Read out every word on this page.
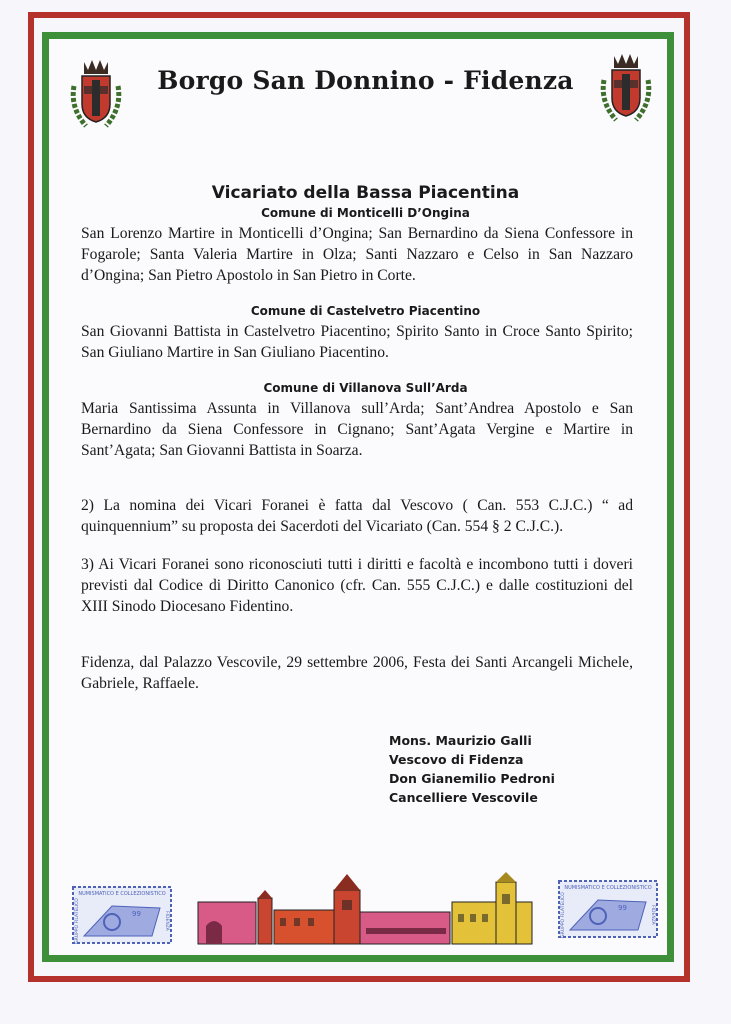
Borgo San Donnino - Fidenza
Vicariato della Bassa Piacentina
Comune di Monticelli D’Ongina
San Lorenzo Martire in Monticelli d’Ongina; San Bernardino da Siena Confessore in Fogarole; Santa Valeria Martire in Olza; Santi Nazzaro e Celso in San Nazzaro d’Ongina; San Pietro Apostolo in San Pietro in Corte.
Comune di Castelvetro Piacentino
San Giovanni Battista in Castelvetro Piacentino; Spirito Santo in Croce Santo Spirito; San Giuliano Martire in San Giuliano Piacentino.
Comune di Villanova Sull’Arda
Maria Santissima Assunta in Villanova sull’Arda; Sant’Andrea Apostolo e San Bernardino da Siena Confessore in Cignano; Sant’Agata Vergine e Martire in Sant’Agata; San Giovanni Battista in Soarza.
2) La nomina dei Vicari Foranei è fatta dal Vescovo ( Can. 553 C.J.C.) “ ad quinquennium” su proposta dei Sacerdoti del Vicariato (Can. 554 § 2 C.J.C.).
3) Ai Vicari Foranei sono riconosciuti tutti i diritti e facoltà e incombono tutti i doveri previsti dal Codice di Diritto Canonico (cfr. Can. 555 C.J.C.) e dalle costituzioni del XIII Sinodo Diocesano Fidentino.
Fidenza, dal Palazzo Vescovile, 29 settembre 2006, Festa dei Santi Arcangeli Michele, Gabriele, Raffaele.
Mons. Maurizio Galli
Vescovo di Fidenza
Don Gianemilio Pedroni
Cancelliere Vescovile
NUMISMATICO E COLLEZIONISTICO
GRUPPO FILATELICO	FIDENZA
99
NUMISMATICO E COLLEZIONISTICO
GRUPPO FILATELICO	FIDENZA
99
